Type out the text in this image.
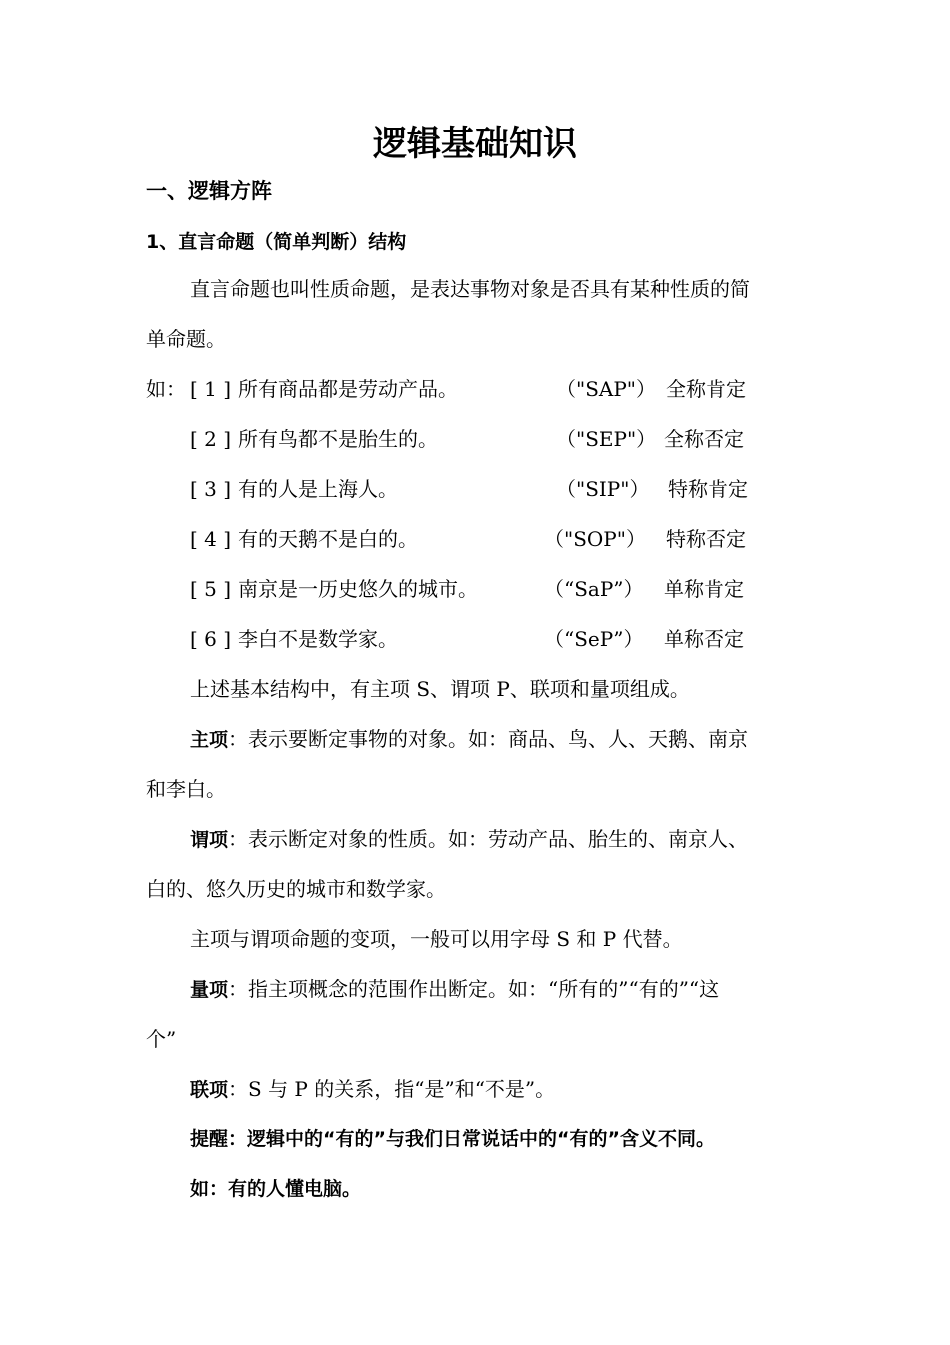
逻辑基础知识
一、逻辑方阵
1、直言命题（简单判断）结构
直言命题也叫性质命题，是表达事物对象是否具有某种性质的简
单命题。
如： [ 1 ] 所有商品都是劳动产品。	（"SAP"） 全称肯定
[ 2 ] 所有鸟都不是胎生的。	（"SEP"） 全称否定
[ 3 ] 有的人是上海人。	（"SIP"） 特称肯定
[ 4 ] 有的天鹅不是白的。	（"SOP"） 特称否定
[ 5 ] 南京是一历史悠久的城市。	（“SaP”） 单称肯定
[ 6 ] 李白不是数学家。	（“SeP”） 单称否定
上述基本结构中，有主项 S、谓项 P、联项和量项组成。
主项：表示要断定事物的对象。如：商品、鸟、人、天鹅、南京
和李白。
谓项：表示断定对象的性质。如：劳动产品、胎生的、南京人、
白的、悠久历史的城市和数学家。
主项与谓项命题的变项，一般可以用字母 S 和 P 代替。
量项：指主项概念的范围作出断定。如：“所有的”“有的”“这
个”
联项：S 与 P 的关系，指“是”和“不是”。
提醒：逻辑中的“有的”与我们日常说话中的“有的”含义不同。
如：有的人懂电脑。
